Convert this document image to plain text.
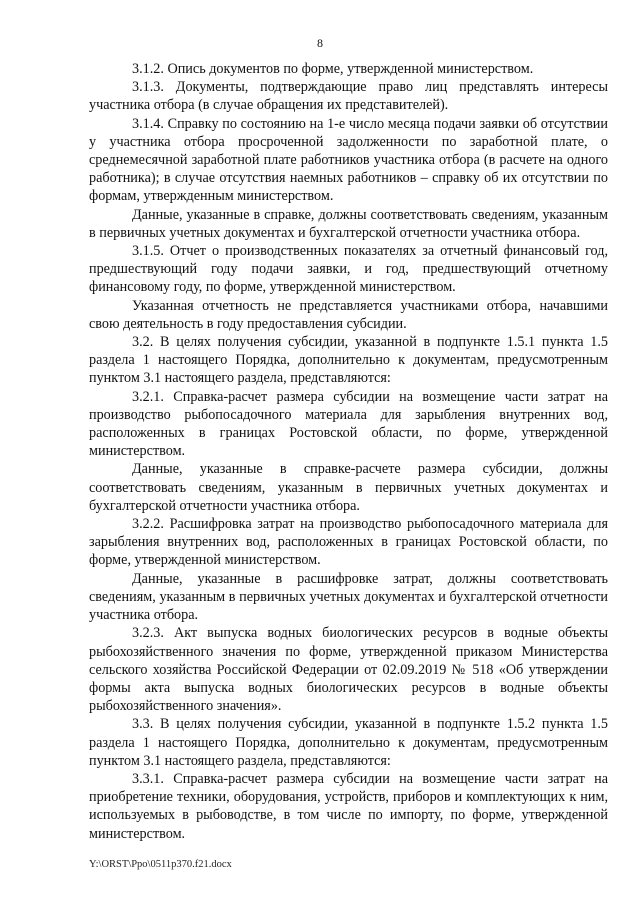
8

3.1.2. Опись документов по форме, утвержденной министерством.

3.1.3. Документы, подтверждающие право лиц представлять интересы участника отбора (в случае обращения их представителей).

3.1.4. Справку по состоянию на 1-е число месяца подачи заявки об отсутствии у участника отбора просроченной задолженности по заработной плате, о среднемесячной заработной плате работников участника отбора (в расчете на одного работника); в случае отсутствия наемных работников – справку об их отсутствии по формам, утвержденным министерством.

Данные, указанные в справке, должны соответствовать сведениям, указанным в первичных учетных документах и бухгалтерской отчетности участника отбора.

3.1.5. Отчет о производственных показателях за отчетный финансовый год, предшествующий году подачи заявки, и год, предшествующий отчетному финансовому году, по форме, утвержденной министерством.

Указанная отчетность не представляется участниками отбора, начавшими свою деятельность в году предоставления субсидии.

3.2. В целях получения субсидии, указанной в подпункте 1.5.1 пункта 1.5 раздела 1 настоящего Порядка, дополнительно к документам, предусмотренным пунктом 3.1 настоящего раздела, представляются:

3.2.1. Справка-расчет размера субсидии на возмещение части затрат на производство рыбопосадочного материала для зарыбления внутренних вод, расположенных в границах Ростовской области, по форме, утвержденной министерством.

Данные, указанные в справке-расчете размера субсидии, должны соответствовать сведениям, указанным в первичных учетных документах и бухгалтерской отчетности участника отбора.

3.2.2. Расшифровка затрат на производство рыбопосадочного материала для зарыбления внутренних вод, расположенных в границах Ростовской области, по форме, утвержденной министерством.

Данные, указанные в расшифровке затрат, должны соответствовать сведениям, указанным в первичных учетных документах и бухгалтерской отчетности участника отбора.

3.2.3. Акт выпуска водных биологических ресурсов в водные объекты рыбохозяйственного значения по форме, утвержденной приказом Министерства сельского хозяйства Российской Федерации от 02.09.2019 № 518 «Об утверждении формы акта выпуска водных биологических ресурсов в водные объекты рыбохозяйственного значения».

3.3. В целях получения субсидии, указанной в подпункте 1.5.2 пункта 1.5 раздела 1 настоящего Порядка, дополнительно к документам, предусмотренным пунктом 3.1 настоящего раздела, представляются:

3.3.1. Справка-расчет размера субсидии на возмещение части затрат на приобретение техники, оборудования, устройств, приборов и комплектующих к ним, используемых в рыбоводстве, в том числе по импорту, по форме, утвержденной министерством.

Y:\ORST\Ppo\0511p370.f21.docx
